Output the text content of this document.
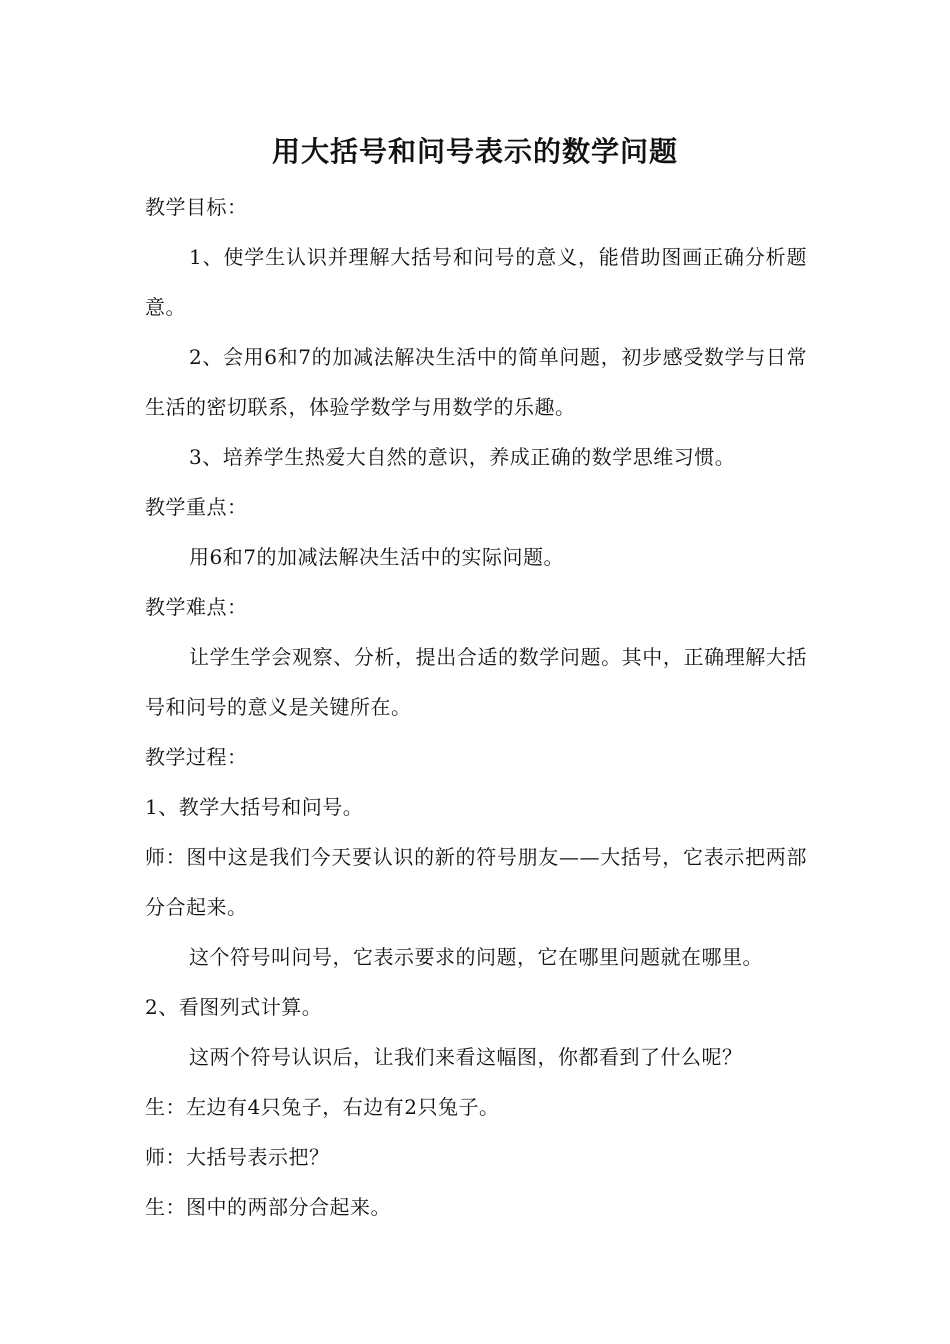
用大括号和问号表示的数学问题

教学目标：

1、使学生认识并理解大括号和问号的意义，能借助图画正确分析题意。

2、会用6和7的加减法解决生活中的简单问题，初步感受数学与日常生活的密切联系，体验学数学与用数学的乐趣。

3、培养学生热爱大自然的意识，养成正确的数学思维习惯。

教学重点：

用6和7的加减法解决生活中的实际问题。

教学难点：

让学生学会观察、分析，提出合适的数学问题。其中，正确理解大括号和问号的意义是关键所在。

教学过程：

1、教学大括号和问号。

师：图中这是我们今天要认识的新的符号朋友——大括号，它表示把两部分合起来。

这个符号叫问号，它表示要求的问题，它在哪里问题就在哪里。

2、看图列式计算。

这两个符号认识后，让我们来看这幅图，你都看到了什么呢？

生：左边有4只兔子，右边有2只兔子。

师：大括号表示把？

生：图中的两部分合起来。
